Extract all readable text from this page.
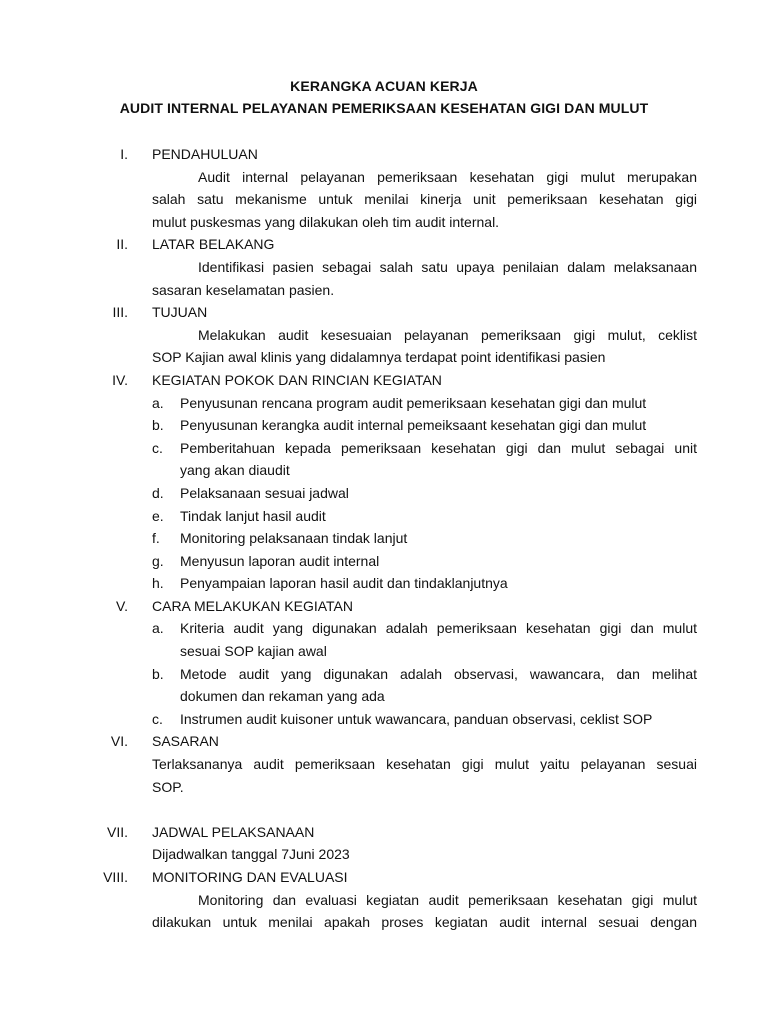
KERANGKA ACUAN KERJA
AUDIT INTERNAL PELAYANAN PEMERIKSAAN KESEHATAN GIGI DAN MULUT
I. PENDAHULUAN
Audit internal pelayanan pemeriksaan kesehatan gigi mulut merupakan
salah satu mekanisme untuk menilai kinerja unit pemeriksaan kesehatan gigi
mulut puskesmas yang dilakukan oleh tim audit internal.
II. LATAR BELAKANG
Identifikasi pasien sebagai salah satu upaya penilaian dalam melaksanaan
sasaran keselamatan pasien.
III. TUJUAN
Melakukan audit kesesuaian pelayanan pemeriksaan gigi mulut, ceklist
SOP Kajian awal klinis yang didalamnya terdapat point identifikasi pasien
IV. KEGIATAN POKOK DAN RINCIAN KEGIATAN
a. Penyusunan rencana program audit pemeriksaan kesehatan gigi dan mulut
b. Penyusunan kerangka audit internal pemeiksaant kesehatan gigi dan mulut
c. Pemberitahuan kepada pemeriksaan kesehatan gigi dan mulut sebagai unit
yang akan diaudit
d. Pelaksanaan sesuai jadwal
e. Tindak lanjut hasil audit
f. Monitoring pelaksanaan tindak lanjut
g. Menyusun laporan audit internal
h. Penyampaian laporan hasil audit dan tindaklanjutnya
V. CARA MELAKUKAN KEGIATAN
a. Kriteria audit yang digunakan adalah pemeriksaan kesehatan gigi dan mulut
sesuai SOP kajian awal
b. Metode audit yang digunakan adalah observasi, wawancara, dan melihat
dokumen dan rekaman yang ada
c. Instrumen audit kuisoner untuk wawancara, panduan observasi, ceklist SOP
VI. SASARAN
Terlaksananya audit pemeriksaan kesehatan gigi mulut yaitu pelayanan sesuai
SOP.
VII. JADWAL PELAKSANAAN
Dijadwalkan tanggal 7Juni 2023
VIII. MONITORING DAN EVALUASI
Monitoring dan evaluasi kegiatan audit pemeriksaan kesehatan gigi mulut
dilakukan untuk menilai apakah proses kegiatan audit internal sesuai dengan
